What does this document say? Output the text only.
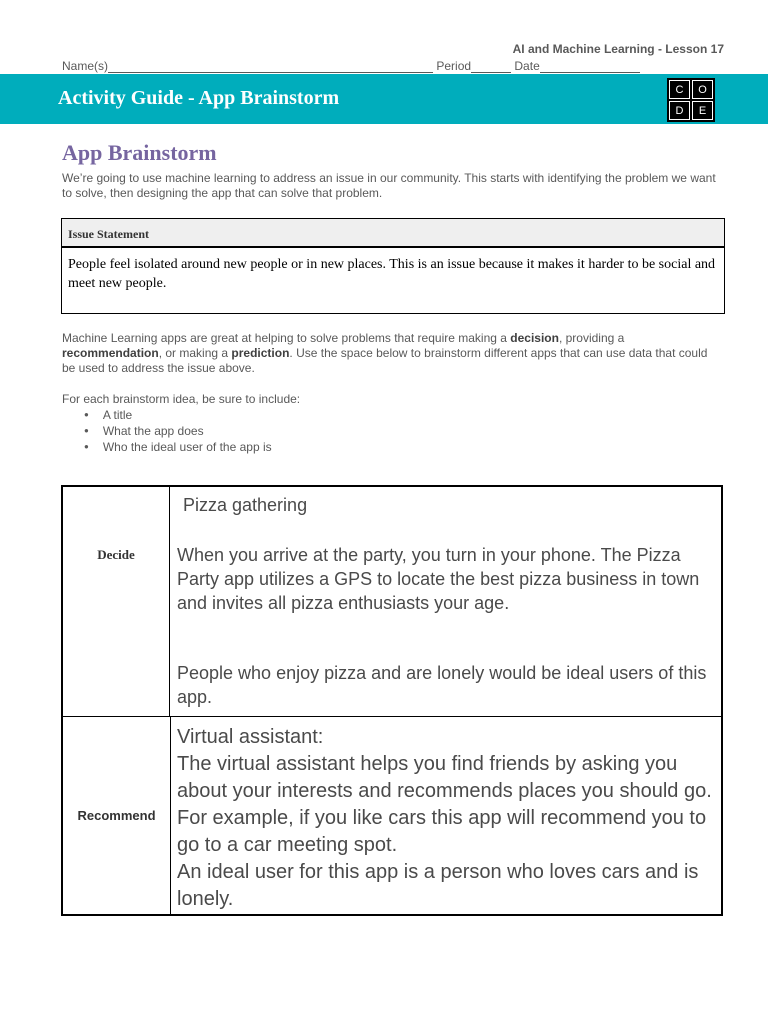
AI and Machine Learning - Lesson 17
Name(s)	Period	Date
Activity Guide - App Brainstorm	C	O
D	E
App Brainstorm
We’re going to use machine learning to address an issue in our community. This starts with identifying the problem we want to solve, then designing the app that can solve that problem.
Issue Statement
People feel isolated around new people or in new places. This is an issue because it makes it harder to be social and meet new people.
Machine Learning apps are great at helping to solve problems that require making a decision, providing a recommendation, or making a prediction. Use the space below to brainstorm different apps that can use data that could be used to address the issue above.
For each brainstorm idea, be sure to include:
● A title
● What the app does
● Who the ideal user of the app is
Decide
Pizza gathering
When you arrive at the party, you turn in your phone. The Pizza Party app utilizes a GPS to locate the best pizza business in town and invites all pizza enthusiasts your age.
People who enjoy pizza and are lonely would be ideal users of this app.
Recommend
Virtual assistant:
The virtual assistant helps you find friends by asking you about your interests and recommends places you should go. For example, if you like cars this app will recommend you to go to a car meeting spot.
An ideal user for this app is a person who loves cars and is lonely.
